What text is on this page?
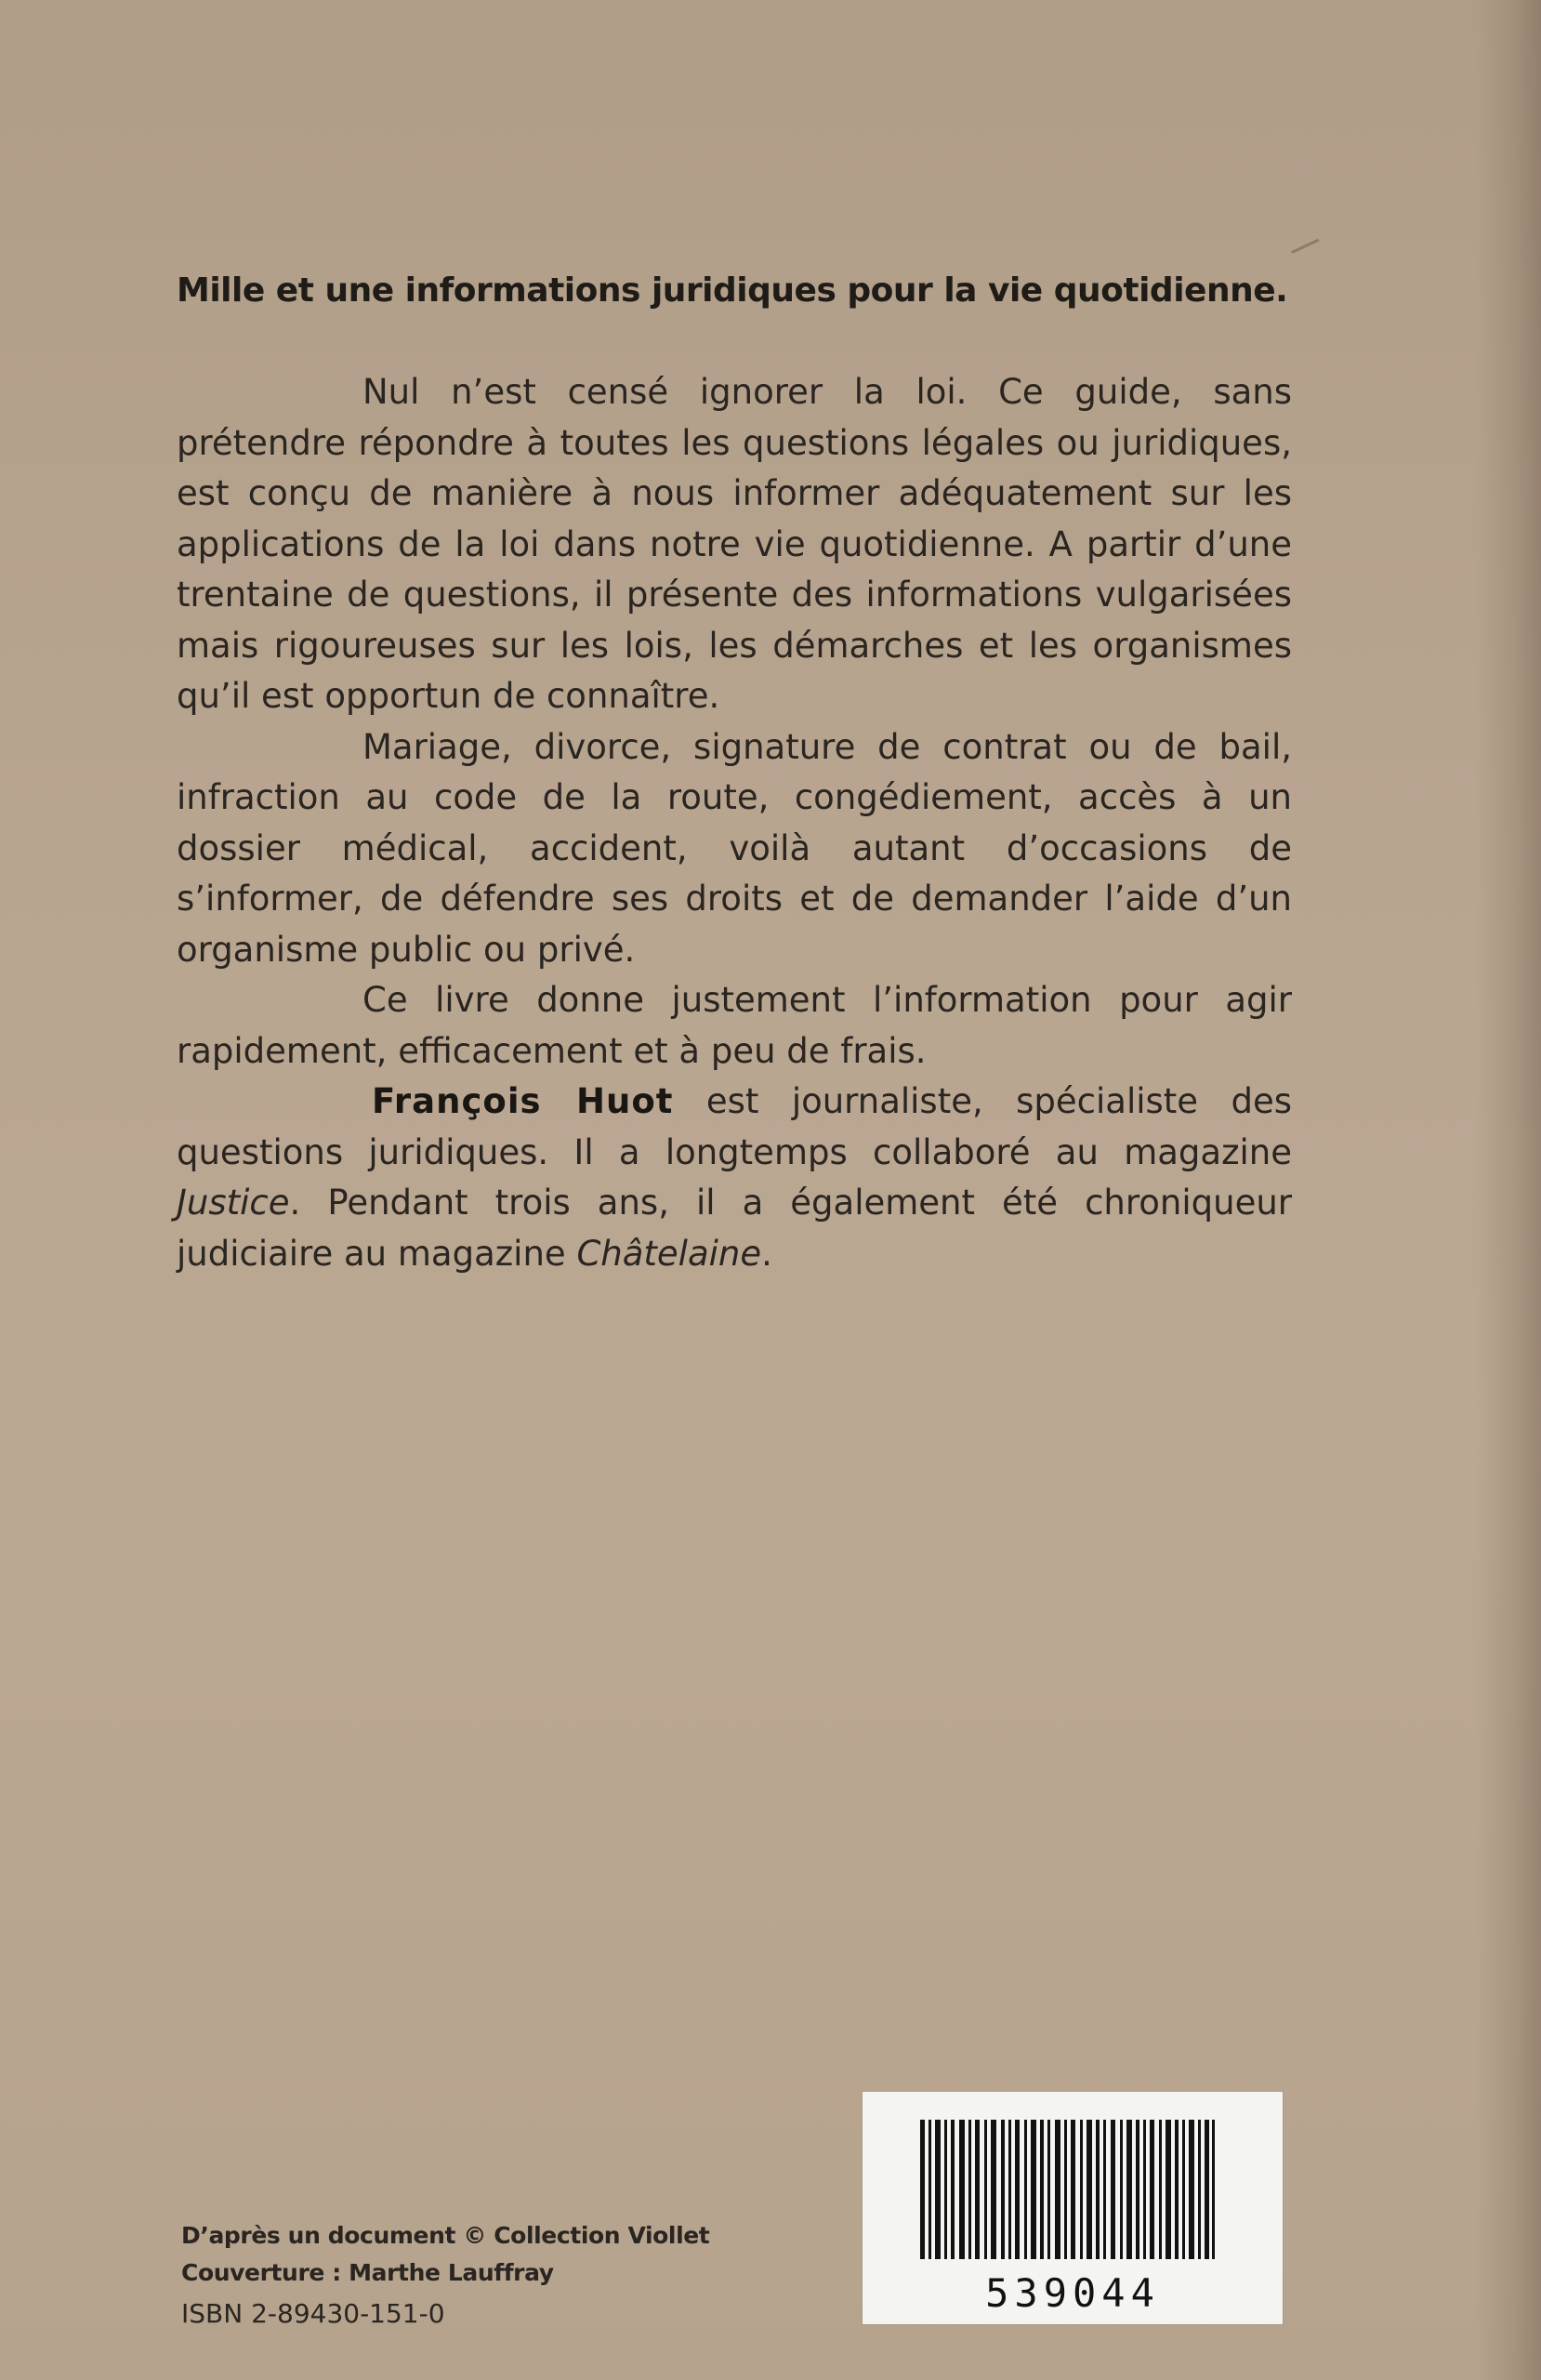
Mille et une informations juridiques pour la vie quotidienne.

Nul n’est censé ignorer la loi. Ce guide, sans prétendre répondre à toutes les questions légales ou juridiques, est conçu de manière à nous informer adéquatement sur les applications de la loi dans notre vie quotidienne. A partir d’une trentaine de questions, il présente des informations vulgarisées mais rigoureuses sur les lois, les démarches et les organismes qu’il est opportun de connaître.

Mariage, divorce, signature de contrat ou de bail, infraction au code de la route, congédiement, accès à un dossier médical, accident, voilà autant d’occasions de s’informer, de défendre ses droits et de demander l’aide d’un organisme public ou privé.

Ce livre donne justement l’information pour agir rapidement, efficacement et à peu de frais.

François Huot est journaliste, spécialiste des questions juridiques. Il a longtemps collaboré au magazine Justice. Pendant trois ans, il a également été chroniqueur judiciaire au magazine Châtelaine.

D’après un document © Collection Viollet
Couverture : Marthe Lauffray
ISBN 2-89430-151-0	539044
